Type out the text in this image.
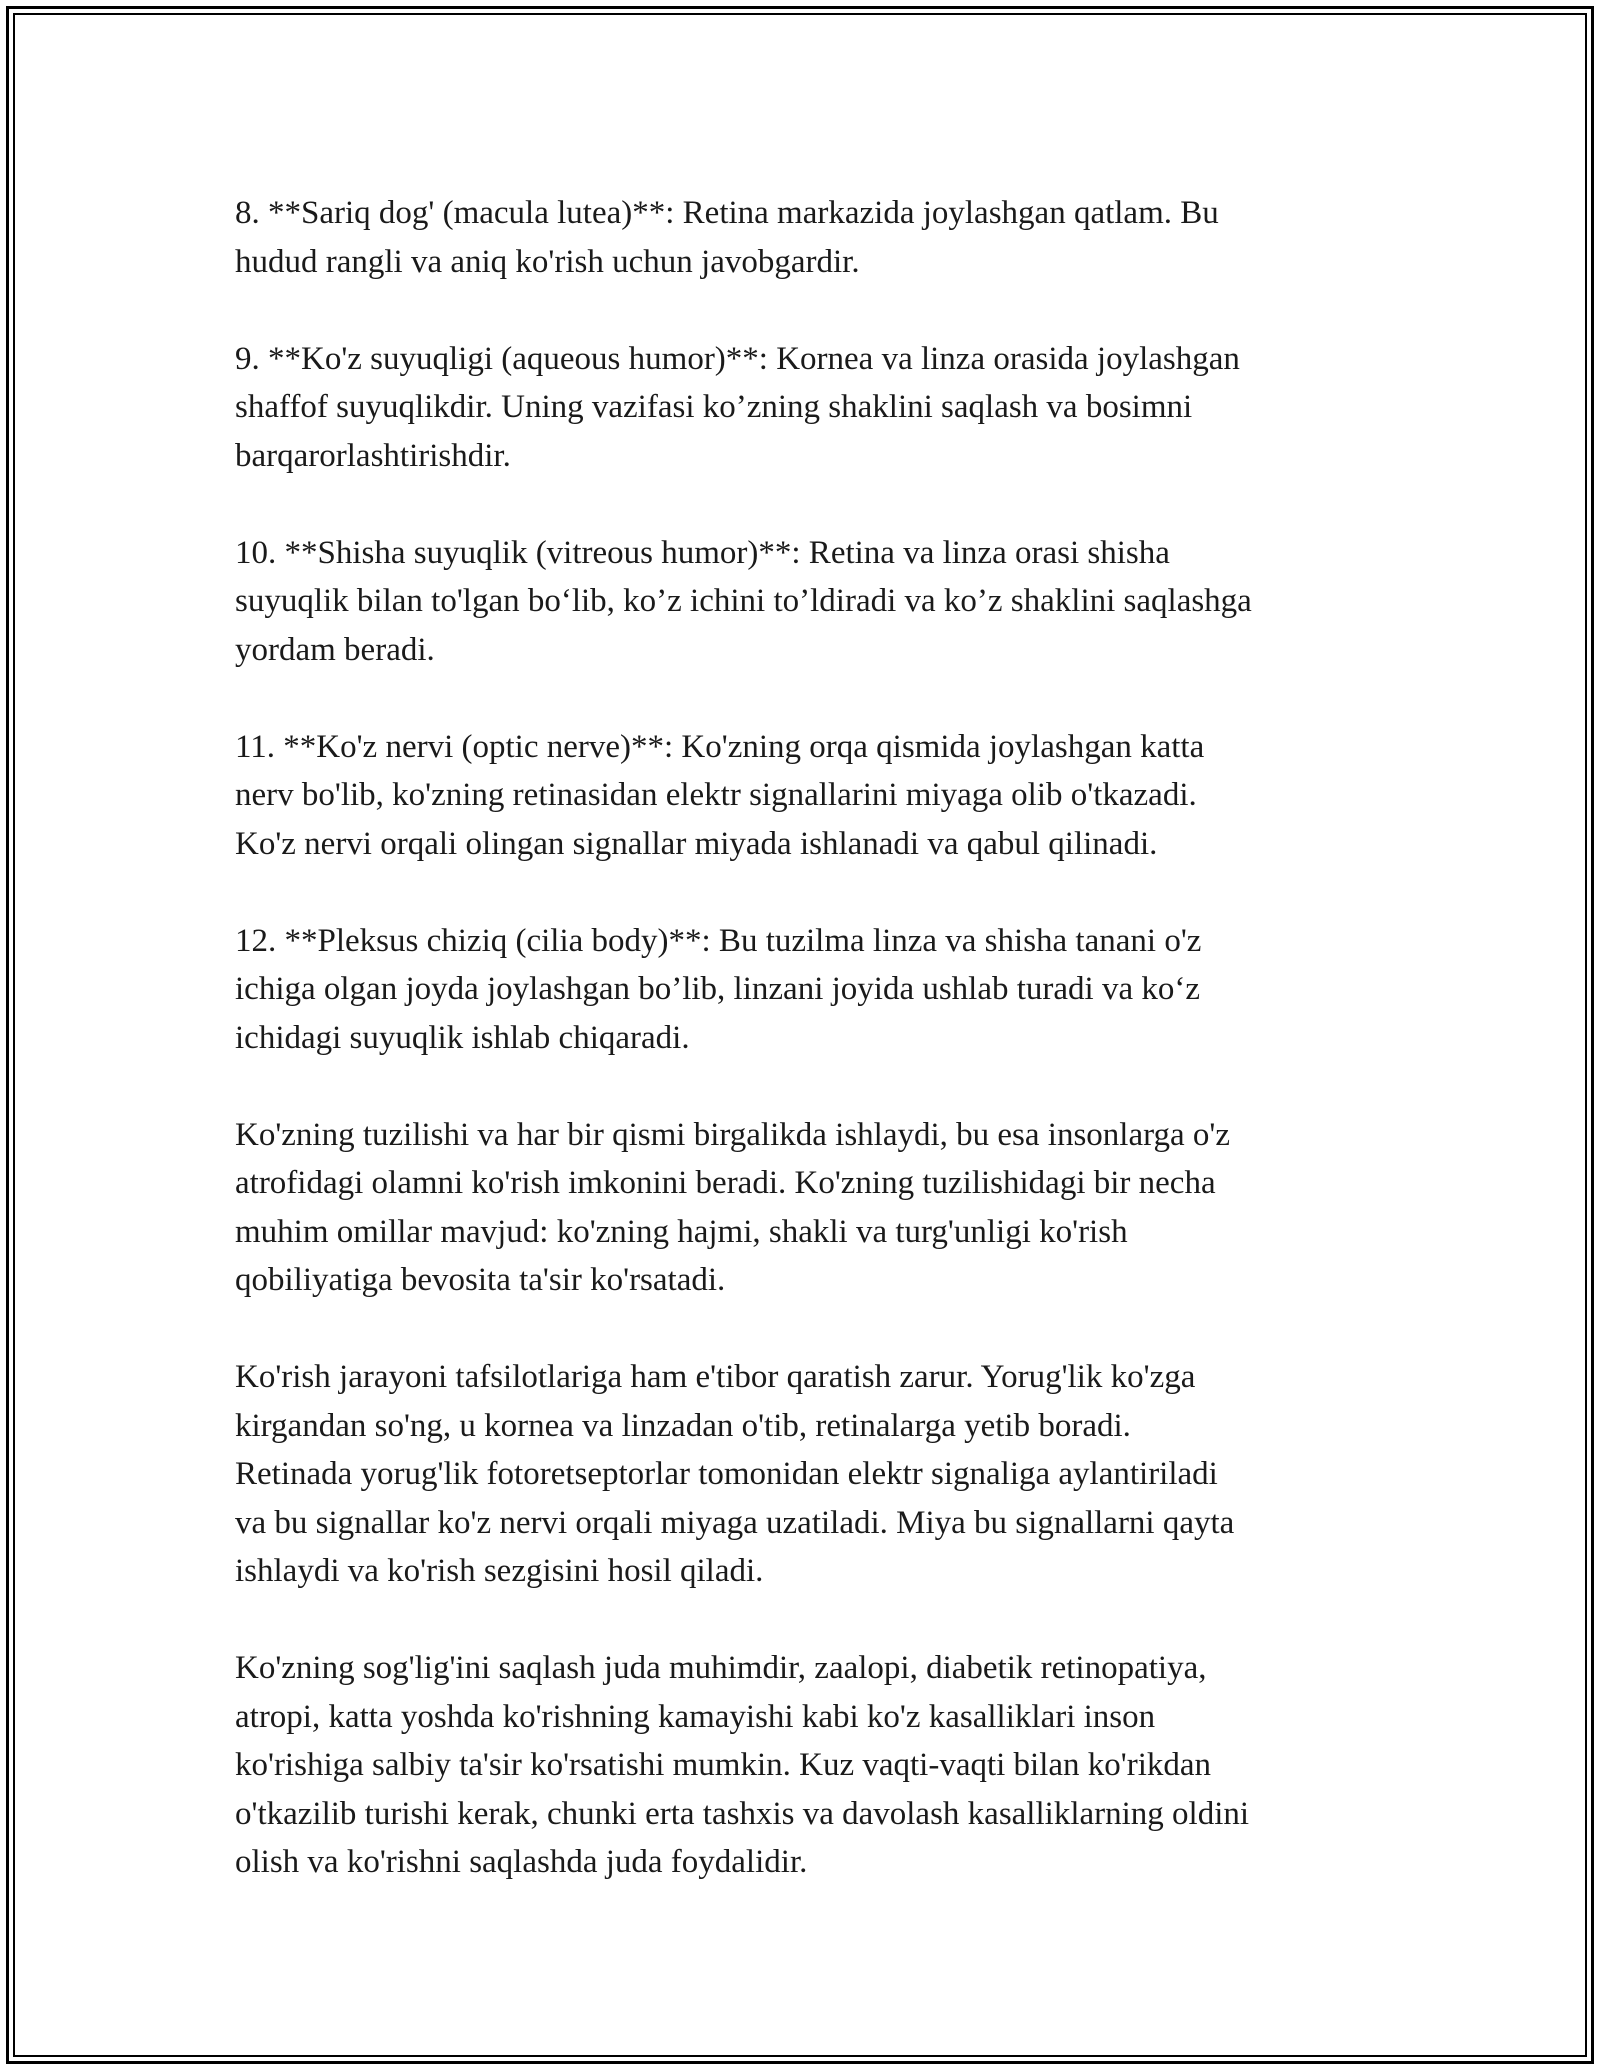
8. **Sariq dog' (macula lutea)**: Retina markazida joylashgan qatlam. Bu
hudud rangli va aniq ko'rish uchun javobgardir.

9. **Ko'z suyuqligi (aqueous humor)**: Kornea va linza orasida joylashgan
shaffof suyuqlikdir. Uning vazifasi ko’zning shaklini saqlash va bosimni
barqarorlashtirishdir.

10. **Shisha suyuqlik (vitreous humor)**: Retina va linza orasi shisha
suyuqlik bilan to'lgan bo‘lib, ko’z ichini to’ldiradi va ko’z shaklini saqlashga
yordam beradi.

11. **Ko'z nervi (optic nerve)**: Ko'zning orqa qismida joylashgan katta
nerv bo'lib, ko'zning retinasidan elektr signallarini miyaga olib o'tkazadi.
Ko'z nervi orqali olingan signallar miyada ishlanadi va qabul qilinadi.

12. **Pleksus chiziq (cilia body)**: Bu tuzilma linza va shisha tanani o'z
ichiga olgan joyda joylashgan bo’lib, linzani joyida ushlab turadi va ko‘z
ichidagi suyuqlik ishlab chiqaradi.

Ko'zning tuzilishi va har bir qismi birgalikda ishlaydi, bu esa insonlarga o'z
atrofidagi olamni ko'rish imkonini beradi. Ko'zning tuzilishidagi bir necha
muhim omillar mavjud: ko'zning hajmi, shakli va turg'unligi ko'rish
qobiliyatiga bevosita ta'sir ko'rsatadi.

Ko'rish jarayoni tafsilotlariga ham e'tibor qaratish zarur. Yorug'lik ko'zga
kirgandan so'ng, u kornea va linzadan o'tib, retinalarga yetib boradi.
Retinada yorug'lik fotoretseptorlar tomonidan elektr signaliga aylantiriladi
va bu signallar ko'z nervi orqali miyaga uzatiladi. Miya bu signallarni qayta
ishlaydi va ko'rish sezgisini hosil qiladi.

Ko'zning sog'lig'ini saqlash juda muhimdir, zaalopi, diabetik retinopatiya,
atropi, katta yoshda ko'rishning kamayishi kabi ko'z kasalliklari inson
ko'rishiga salbiy ta'sir ko'rsatishi mumkin. Kuz vaqti-vaqti bilan ko'rikdan
o'tkazilib turishi kerak, chunki erta tashxis va davolash kasalliklarning oldini
olish va ko'rishni saqlashda juda foydalidir.
